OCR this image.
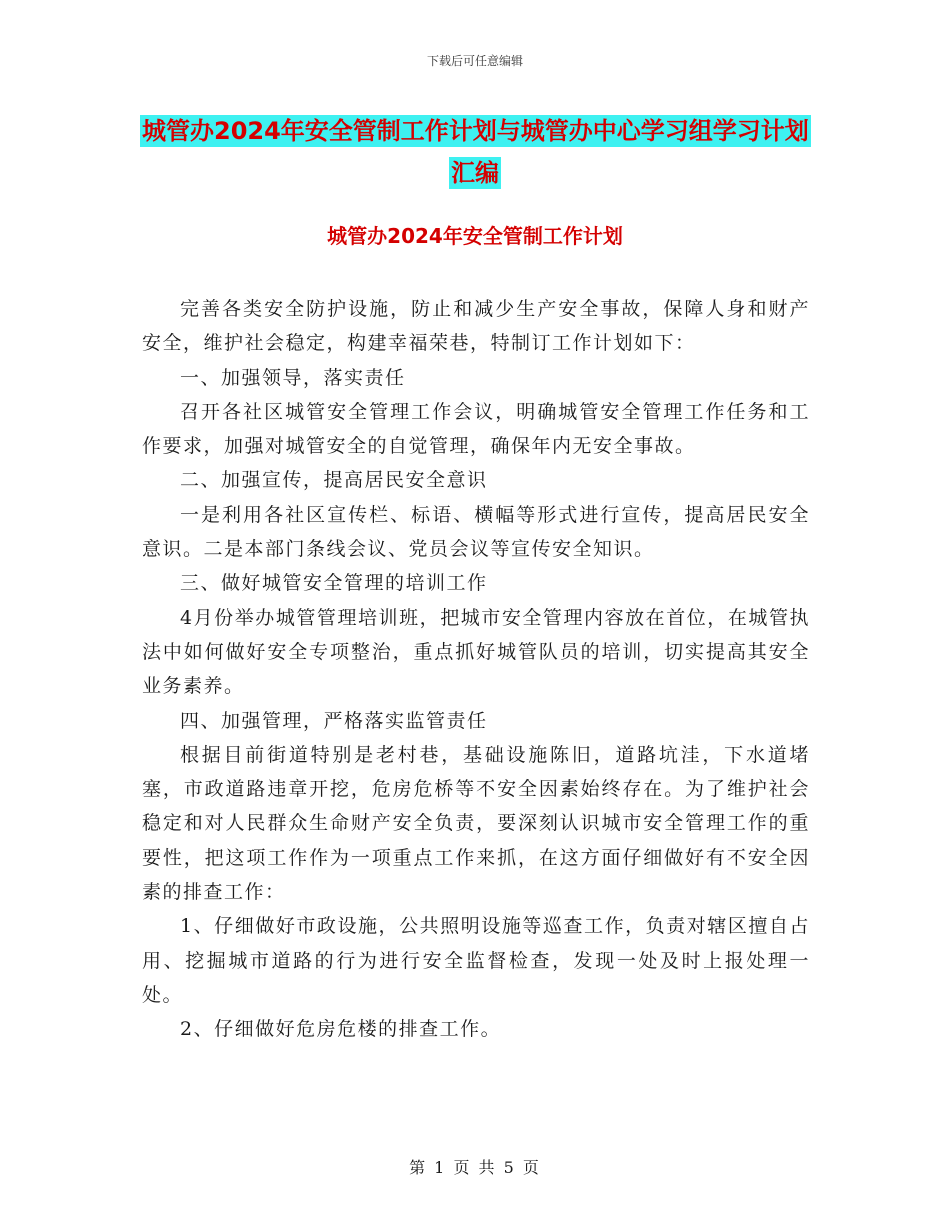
下载后可任意编辑
城管办2024年安全管制工作计划与城管办中心学习组学习计划汇编
城管办2024年安全管制工作计划

完善各类安全防护设施，防止和减少生产安全事故，保障人身和财产安全，维护社会稳定，构建幸福荣巷，特制订工作计划如下：

一、加强领导，落实责任

召开各社区城管安全管理工作会议，明确城管安全管理工作任务和工作要求，加强对城管安全的自觉管理，确保年内无安全事故。

二、加强宣传，提高居民安全意识

一是利用各社区宣传栏、标语、横幅等形式进行宣传，提高居民安全意识。二是本部门条线会议、党员会议等宣传安全知识。

三、做好城管安全管理的培训工作

4月份举办城管管理培训班，把城市安全管理内容放在首位，在城管执法中如何做好安全专项整治，重点抓好城管队员的培训，切实提高其安全业务素养。

四、加强管理，严格落实监管责任

根据目前街道特别是老村巷，基础设施陈旧，道路坑洼，下水道堵塞，市政道路违章开挖，危房危桥等不安全因素始终存在。为了维护社会稳定和对人民群众生命财产安全负责，要深刻认识城市安全管理工作的重要性，把这项工作作为一项重点工作来抓，在这方面仔细做好有不安全因素的排查工作：

1、仔细做好市政设施，公共照明设施等巡查工作，负责对辖区擅自占用、挖掘城市道路的行为进行安全监督检查，发现一处及时上报处理一处。

2、仔细做好危房危楼的排查工作。

第 1 页 共 5 页
